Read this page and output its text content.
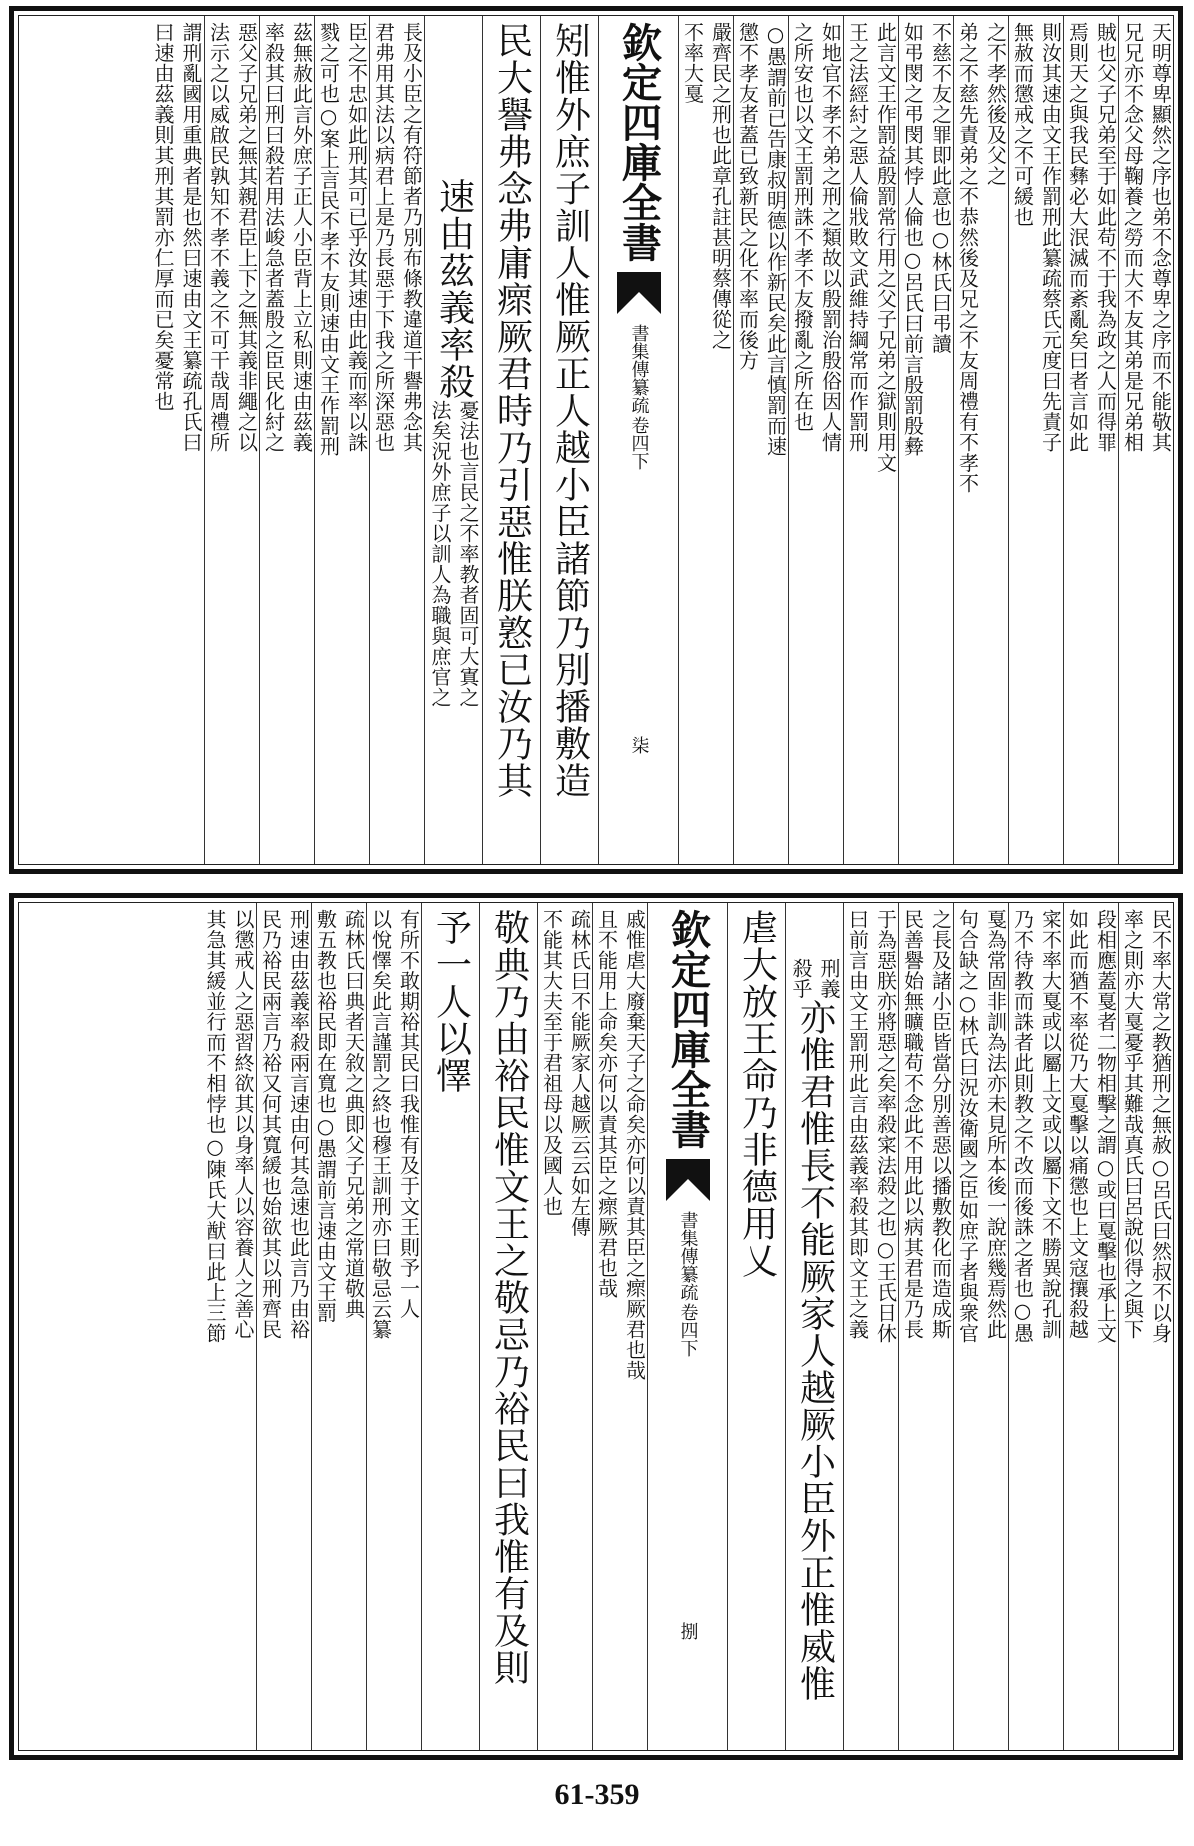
天明尊卑顯然之序也弟不念尊卑之序而不能敬其
兄兄亦不念父母鞠養之勞而大不友其弟是兄弟相
賊也父子兄弟至于如此苟不于我為政之人而得罪
焉則天之與我民彝必大泯滅而紊亂矣曰者言如此
則汝其速由文王作罰刑此纂疏蔡氏元度曰先責子
無赦而懲戒之不可緩也
之不孝然後及父之
弟之不慈先責弟之不恭然後及兄之不友周禮有不孝不
不慈不友之罪即此意也○林氏曰弔讀
如弔閔之弔閔其悖人倫也○呂氏曰前言殷罰殷彜
此言文王作罰益殷罰常行用之父子兄弟之獄則用文
王之法經紂之惡人倫戕敗文武維持綱常而作罰刑
如地官不孝不弟之刑之類故以殷罰治殷俗因人情
之所安也以文王罰刑誅不孝不友撥亂之所在也
○愚謂前已告康叔明德以作新民矣此言慎罰而速
懲不孝友者蓋已致新民之化不率而後方
嚴齊民之刑也此章孔註甚明蔡傳從之
不率大戛
欽定四庫全書
書集傳纂疏
卷四下
柒
矧惟外庶子訓人惟厥正人越小臣諸節乃別播敷造
民大譽弗念弗庸瘝厥君時乃引惡惟朕憝已汝乃其
速由茲義率殺
憂法也言民之不率教者固可大寘之
法矣況外庶子以訓人為職與庶官之
長及小臣之有符節者乃別布條教違道干譽弗念其
君弗用其法以病君上是乃長惡于下我之所深惡也
臣之不忠如此刑其可已乎汝其速由此義而率以誅
戮之可也○案上言民不孝不友則速由文王作罰刑
茲無赦此言外庶子正人小臣背上立私則速由茲義
率殺其曰刑曰殺若用法峻急者蓋殷之臣民化紂之
惡父子兄弟之無其親君臣上下之無其義非繩之以
法示之以威啟民孰知不孝不義之不可干哉周禮所
謂刑亂國用重典者是也然曰速由文王纂疏孔氏曰
曰速由茲義則其刑其罰亦仁厚而已矣憂常也
民不率大常之教猶刑之無赦○呂氏曰然叔不以身
率之則亦大戛憂乎其難哉真氏曰呂說似得之與下
段相應蓋戛者二物相擊之謂○或曰戛擊也承上文
如此而猶不率從乃大戛擊以痛懲也上文寇攘殺越
寀不率大戛或以屬上文或以屬下文不勝異說孔訓
乃不待教而誅者此則教之不改而後誅之者也○愚
戛為常固非訓為法亦未見所本後一說庶幾焉然此
句合缺之○林氏曰況汝衛國之臣如庶子者與衆官
之長及諸小臣皆當分別善惡以播敷教化而造成斯
民善譽始無曠職苟不念此不用此以病其君是乃長
于為惡朕亦將惡之矣率殺寀法殺之也○王氏日休
曰前言由文王罰刑此言由茲義率殺其即文王之義
刑義
殺乎
亦惟君惟長不能厥家人越厥小臣外正惟威惟
虐大放王命乃非德用乂
欽定四庫全書
書集傳纂疏
卷四下
捌
戚惟虐大廢棄天子之命矣亦何以責其臣之瘝厥君也哉
且不能用上命矣亦何以責其臣之瘝厥君也哉
疏林氏曰不能厥家人越厥云云如左傳
不能其大夫至于君祖母以及國人也
敬典乃由裕民惟文王之敬忌乃裕民曰我惟有及則
予一人以懌
有所不敢期裕其民曰我惟有及于文王則予一人
以悅懌矣此言謹罰之終也穆王訓刑亦曰敬忌云纂
疏林氏曰典者天敘之典即父子兄弟之常道敬典
敷五教也裕民即在寬也○愚謂前言速由文王罰
刑速由茲義率殺兩言速由何其急速也此言乃由裕
民乃裕民兩言乃裕又何其寬緩也始欲其以刑齊民
以懲戒人之惡習終欲其以身率人以容養人之善心
其急其緩並行而不相悖也○陳氏大猷曰此上三節
61-359
